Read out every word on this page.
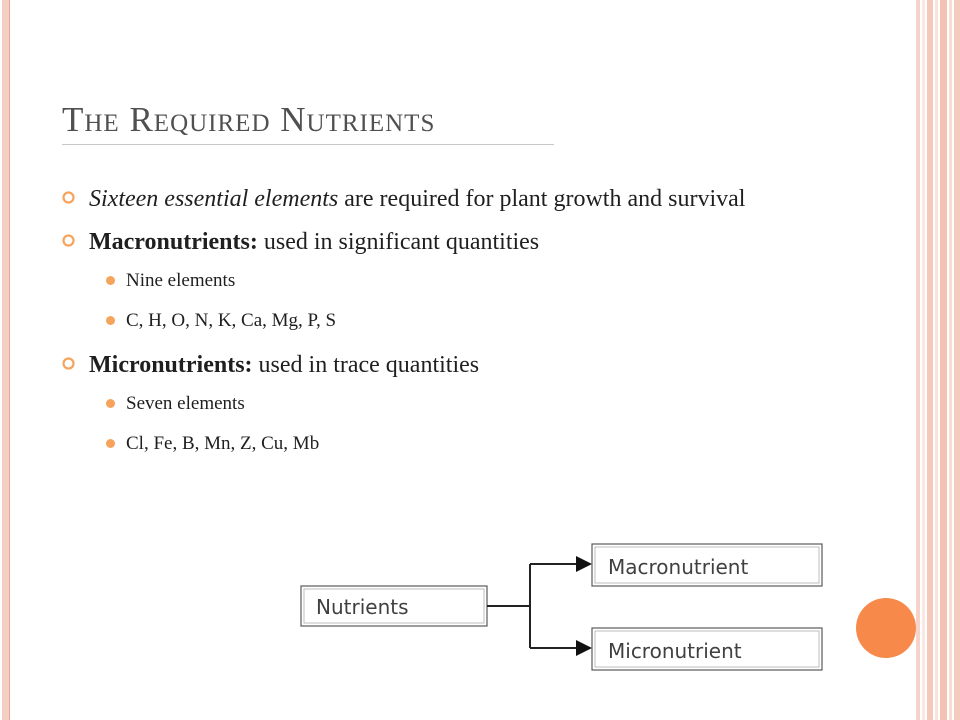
The Required Nutrients
Sixteen essential elements are required for plant growth and survival
Macronutrients: used in significant quantities
Nine elements
C, H, O, N, K, Ca, Mg, P, S
Micronutrients: used in trace quantities
Seven elements
Cl, Fe, B, Mn, Z, Cu, Mb
Nutrients
Macronutrient
Micronutrient
